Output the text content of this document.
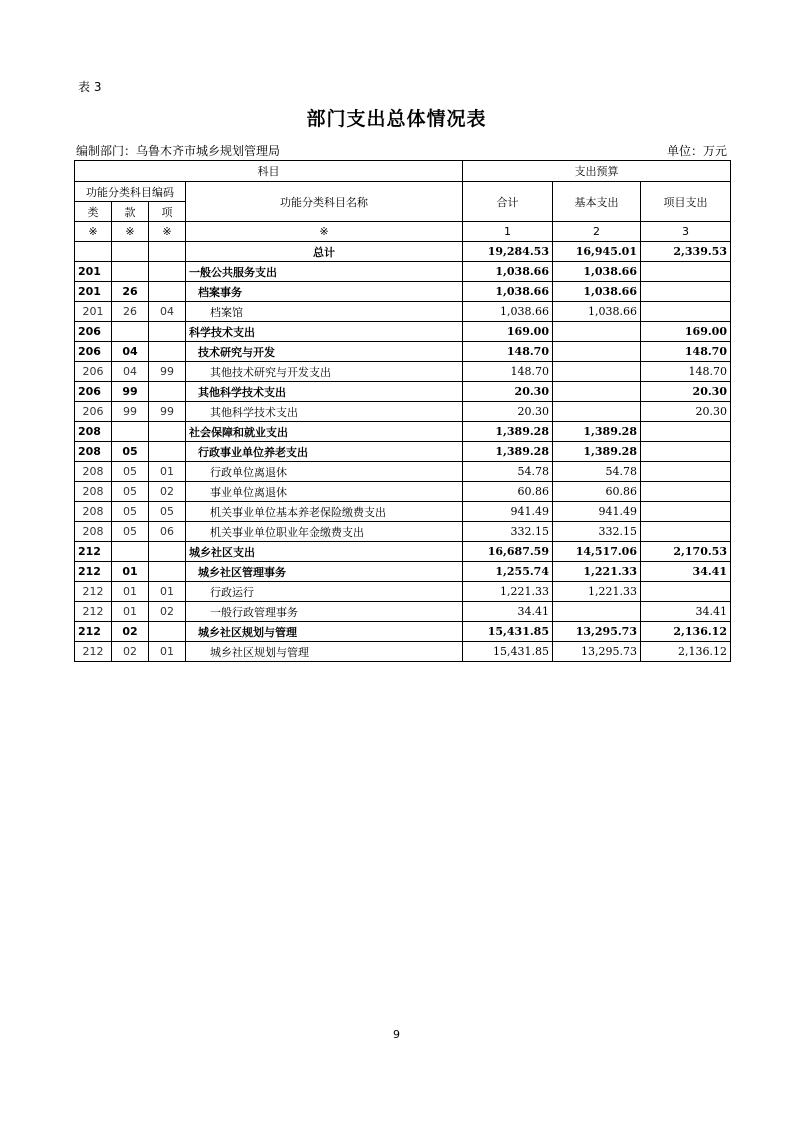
表 3
部门支出总体情况表
编制部门：乌鲁木齐市城乡规划管理局	单位：万元
科目				支出预算		
功能分类科目编码			功能分类科目名称	合计	基本支出	项目支出
类	款	项				
※	※	※	※	1	2	3
			总计	19,284.53	16,945.01	2,339.53
201			一般公共服务支出	1,038.66	1,038.66	
201	26		档案事务	1,038.66	1,038.66	
201	26	04	档案馆	1,038.66	1,038.66	
206			科学技术支出	169.00		169.00
206	04		技术研究与开发	148.70		148.70
206	04	99	其他技术研究与开发支出	148.70		148.70
206	99		其他科学技术支出	20.30		20.30
206	99	99	其他科学技术支出	20.30		20.30
208			社会保障和就业支出	1,389.28	1,389.28	
208	05		行政事业单位养老支出	1,389.28	1,389.28	
208	05	01	行政单位离退休	54.78	54.78	
208	05	02	事业单位离退休	60.86	60.86	
208	05	05	机关事业单位基本养老保险缴费支出	941.49	941.49	
208	05	06	机关事业单位职业年金缴费支出	332.15	332.15	
212			城乡社区支出	16,687.59	14,517.06	2,170.53
212	01		城乡社区管理事务	1,255.74	1,221.33	34.41
212	01	01	行政运行	1,221.33	1,221.33	
212	01	02	一般行政管理事务	34.41		34.41
212	02		城乡社区规划与管理	15,431.85	13,295.73	2,136.12
212	02	01	城乡社区规划与管理	15,431.85	13,295.73	2,136.12
9
